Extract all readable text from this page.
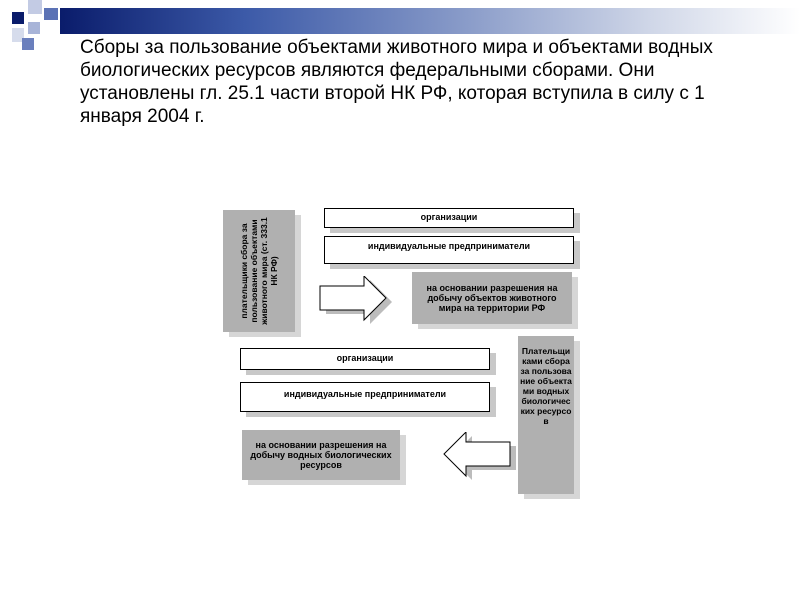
Сборы за пользование объектами животного мира и объектами водных биологических ресурсов являются федеральными сборами. Они установлены гл. 25.1 части второй НК РФ, которая вступила в силу с 1 января 2004 г.

плательщики сбора за пользование объектами животного мира (ст. 333.1 НК РФ)
организации
индивидуальные предприниматели
на основании разрешения на добычу объектов животного мира на территории РФ
организации
индивидуальные предприниматели
на основании разрешения на добычу водных биологических ресурсов
Плательщиками сбора за пользование объектами водных биологических ресурсов
